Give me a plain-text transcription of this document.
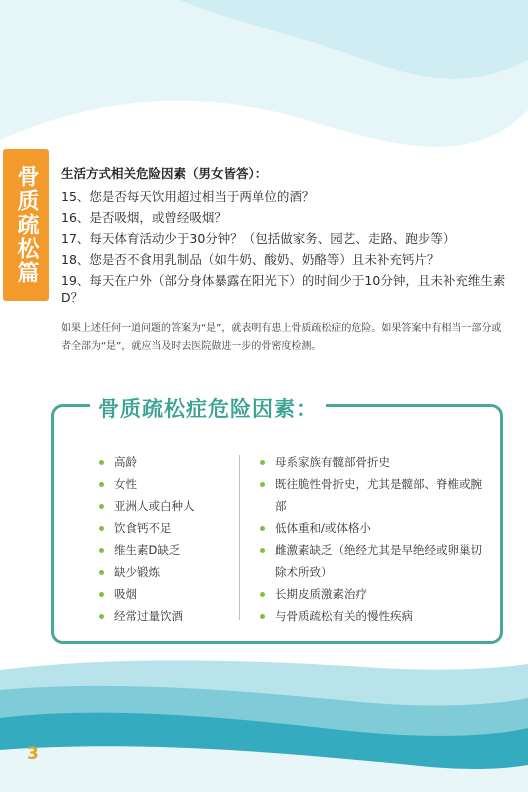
骨质疏松篇 生活方式相关危险因素（男女皆答）：
15、您是否每天饮用超过相当于两单位的酒？
16、是否吸烟，或曾经吸烟？
17、每天体育活动少于30分钟？（包括做家务、园艺、走路、跑步等）
18、您是否不食用乳制品（如牛奶、酸奶、奶酪等）且未补充钙片？
19、每天在户外（部分身体暴露在阳光下）的时间少于10分钟，且未补充维生素D？
如果上述任何一道问题的答案为“是”，就表明有患上骨质疏松症的危险。如果答案中有相当一部分或者全部为“是”，就应当及时去医院做进一步的骨密度检测。
骨质疏松症危险因素：
高龄
女性
亚洲人或白种人
饮食钙不足
维生素D缺乏
缺少锻炼
吸烟
经常过量饮酒
母系家族有髋部骨折史
既往脆性骨折史，尤其是髋部、脊椎或腕部
低体重和/或体格小
雌激素缺乏（绝经尤其是早绝经或卵巢切除术所致）
长期皮质激素治疗
与骨质疏松有关的慢性疾病
3
